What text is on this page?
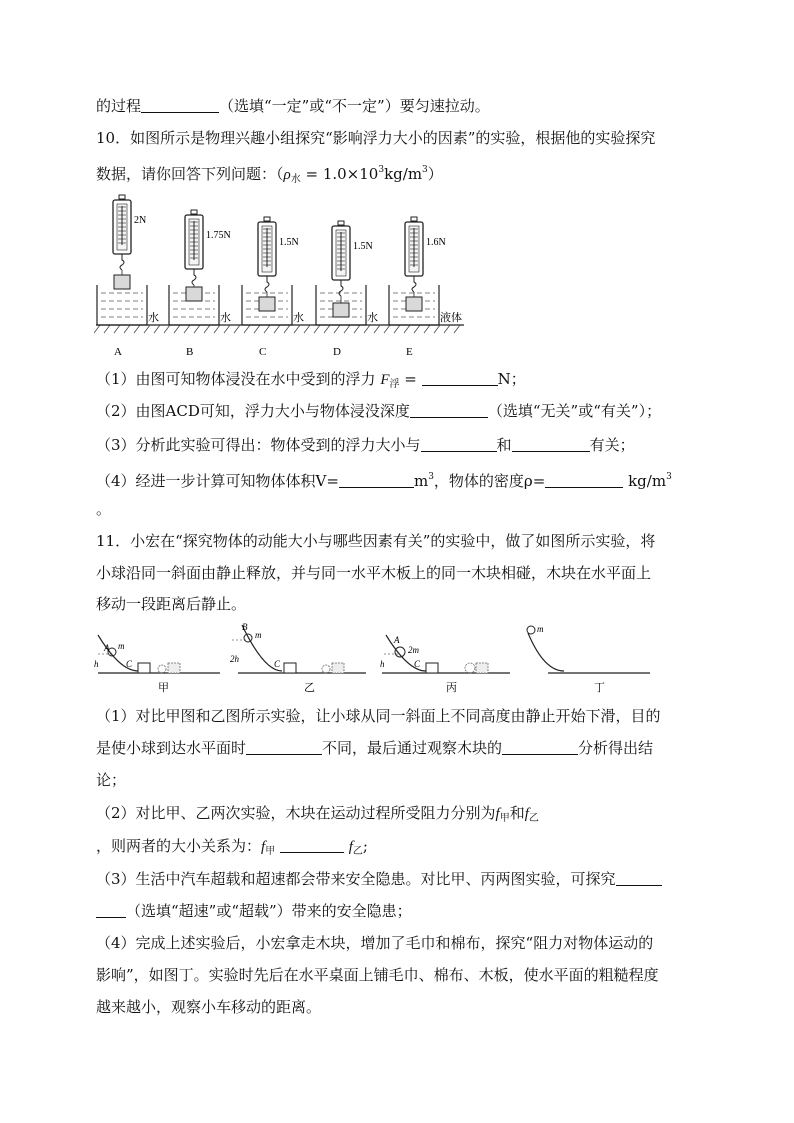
的过程	（选填“一定”或“不一定”）要匀速拉动。
10．如图所示是物理兴趣小组探究“影响浮力大小的因素”的实验，根据他的实验探究
数据，请你回答下列问题：$(\rho_水 = 1.0\times 10^3kg/m^3)$
2N
水
A
1.75N
水
B
1.5N
水
C
1.5N
水
D
1.6N
液体
E
（1）由图可知物体浸没在水中受到的浮力 $F_浮$ =	N；
（2）由图ACD可知，浮力大小与物体浸没深度	（选填“无关”或“有关”）；
（3）分析此实验可得出：物体受到的浮力大小与	和	有关；
（4）经进一步计算可知物体体积V=	$m^3$，物体的密度ρ=	$kg/m^3$
。
11．小宏在“探究物体的动能大小与哪些因素有关”的实验中，做了如图所示实验，将
小球沿同一斜面由静止释放，并与同一水平木板上的同一木块相碰，木块在水平面上
移动一段距离后静止。
A m
h	C
甲
B
m
2h	C
乙
A
2m
h	C
丙
m
丁
（1）对比甲图和乙图所示实验，让小球从同一斜面上不同高度由静止开始下滑，目的
是使小球到达水平面时	不同，最后通过观察木块的	分析得出结
论；
（2）对比甲、乙两次实验，木块在运动过程所受阻力分别为$f_甲$和$f_乙$
，则两者的大小关系为：$f_甲$	$f_乙$;
（3）生活中汽车超载和超速都会带来安全隐患。对比甲、丙两图实验，可探究
（选填“超速”或“超载”）带来的安全隐患；
（4）完成上述实验后，小宏拿走木块，增加了毛巾和棉布，探究“阻力对物体运动的
影响”，如图丁。实验时先后在水平桌面上铺毛巾、棉布、木板，使水平面的粗糙程度
越来越小，观察小车移动的距离。
